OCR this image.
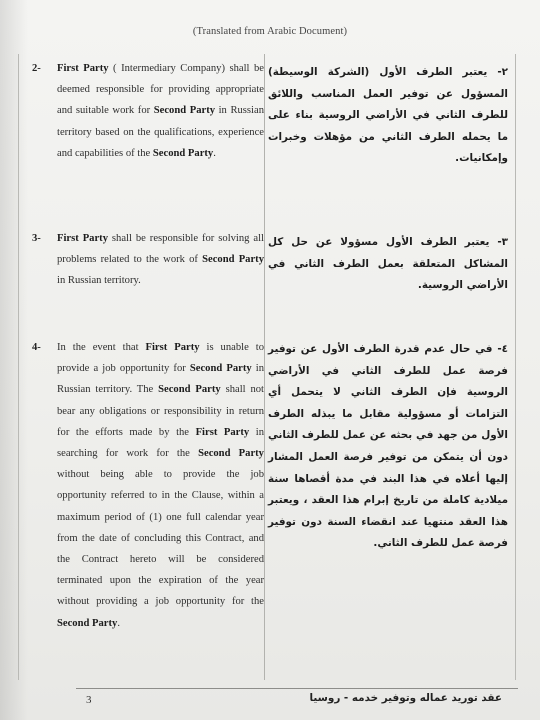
(Translated from Arabic Document)
2- First Party ( Intermediary Company) shall be deemed responsible for providing appropriate and suitable work for Second Party in Russian territory based on the qualifications, experience and capabilities of the Second Party.
٢- يعتبر الطرف الأول (الشركة الوسيطة) المسؤول عن توفير العمل المناسب واللائق للطرف الثاني في الأراضي الروسية بناء على ما يحمله الطرف الثاني من مؤهلات وخبرات وإمكانيات.
3- First Party shall be responsible for solving all problems related to the work of Second Party in Russian territory.
٣- يعتبر الطرف الأول مسؤولا عن حل كل المشاكل المتعلقة بعمل الطرف الثاني في الأراضي الروسية.
4- In the event that First Party is unable to provide a job opportunity for Second Party in Russian territory. The Second Party shall not bear any obligations or responsibility in return for the efforts made by the First Party in searching for work for the Second Party without being able to provide the job opportunity referred to in the Clause, within a maximum period of (1) one full calendar year from the date of concluding this Contract, and the Contract hereto will be considered terminated upon the expiration of the year without providing a job opportunity for the Second Party.
٤- في حال عدم قدرة الطرف الأول عن توفير فرصة عمل للطرف الثاني في الأراضي الروسية فإن الطرف الثاني لا يتحمل أي التزامات أو مسؤولية مقابل ما يبذله الطرف الأول من جهد في بحثه عن عمل للطرف الثاني دون أن يتمكن من توفير فرصة العمل المشار إليها أعلاه في هذا البند في مدة أقصاها سنة ميلادية كاملة من تاريخ إبرام هذا العقد ، ويعتبر هذا العقد منتهيا عند انقضاء السنة دون توفير فرصة عمل للطرف الثاني.
3	عقد توريد عماله وتوفير خدمه - روسيا
